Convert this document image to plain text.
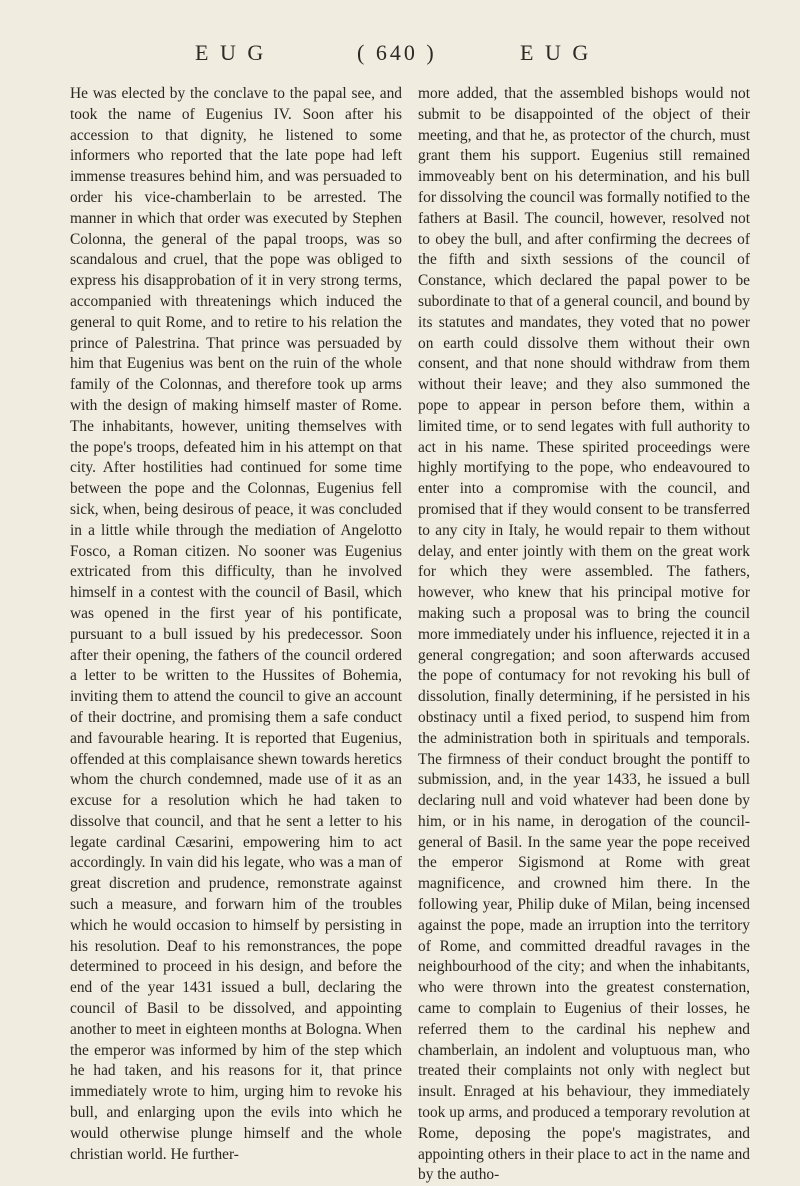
E U G	( 640 )	E U G

He was elected by the conclave to the papal see, and took the name of Eugenius IV. Soon after his accession to that dignity, he listened to some informers who reported that the late pope had left immense treasures behind him, and was persuaded to order his vice-chamberlain to be arrested. The manner in which that order was executed by Stephen Colonna, the general of the papal troops, was so scandalous and cruel, that the pope was obliged to express his disapprobation of it in very strong terms, accompanied with threatenings which induced the general to quit Rome, and to retire to his relation the prince of Palestrina. That prince was persuaded by him that Eugenius was bent on the ruin of the whole family of the Colonnas, and therefore took up arms with the design of making himself master of Rome. The inhabitants, however, uniting themselves with the pope's troops, defeated him in his attempt on that city. After hostilities had continued for some time between the pope and the Colonnas, Eugenius fell sick, when, being desirous of peace, it was concluded in a little while through the mediation of Angelotto Fosco, a Roman citizen. No sooner was Eugenius extricated from this difficulty, than he involved himself in a contest with the council of Basil, which was opened in the first year of his pontificate, pursuant to a bull issued by his predecessor. Soon after their opening, the fathers of the council ordered a letter to be written to the Hussites of Bohemia, inviting them to attend the council to give an account of their doctrine, and promising them a safe conduct and favourable hearing. It is reported that Eugenius, offended at this complaisance shewn towards heretics whom the church condemned, made use of it as an excuse for a resolution which he had taken to dissolve that council, and that he sent a letter to his legate cardinal Cæsarini, empowering him to act accordingly. In vain did his legate, who was a man of great discretion and prudence, remonstrate against such a measure, and forwarn him of the troubles which he would occasion to himself by persisting in his resolution. Deaf to his remonstrances, the pope determined to proceed in his design, and before the end of the year 1431 issued a bull, declaring the council of Basil to be dissolved, and appointing another to meet in eighteen months at Bologna. When the emperor was informed by him of the step which he had taken, and his reasons for it, that prince immediately wrote to him, urging him to revoke his bull, and enlarging upon the evils into which he would otherwise plunge himself and the whole christian world. He further-

more added, that the assembled bishops would not submit to be disappointed of the object of their meeting, and that he, as protector of the church, must grant them his support. Eugenius still remained immoveably bent on his determination, and his bull for dissolving the council was formally notified to the fathers at Basil. The council, however, resolved not to obey the bull, and after confirming the decrees of the fifth and sixth sessions of the council of Constance, which declared the papal power to be subordinate to that of a general council, and bound by its statutes and mandates, they voted that no power on earth could dissolve them without their own consent, and that none should withdraw from them without their leave; and they also summoned the pope to appear in person before them, within a limited time, or to send legates with full authority to act in his name. These spirited proceedings were highly mortifying to the pope, who endeavoured to enter into a compromise with the council, and promised that if they would consent to be transferred to any city in Italy, he would repair to them without delay, and enter jointly with them on the great work for which they were assembled. The fathers, however, who knew that his principal motive for making such a proposal was to bring the council more immediately under his influence, rejected it in a general congregation; and soon afterwards accused the pope of contumacy for not revoking his bull of dissolution, finally determining, if he persisted in his obstinacy until a fixed period, to suspend him from the administration both in spirituals and temporals. The firmness of their conduct brought the pontiff to submission, and, in the year 1433, he issued a bull declaring null and void whatever had been done by him, or in his name, in derogation of the council-general of Basil. In the same year the pope received the emperor Sigismond at Rome with great magnificence, and crowned him there. In the following year, Philip duke of Milan, being incensed against the pope, made an irruption into the territory of Rome, and committed dreadful ravages in the neighbourhood of the city; and when the inhabitants, who were thrown into the greatest consternation, came to complain to Eugenius of their losses, he referred them to the cardinal his nephew and chamberlain, an indolent and voluptuous man, who treated their complaints not only with neglect but insult. Enraged at his behaviour, they immediately took up arms, and produced a temporary revolution at Rome, deposing the pope's magistrates, and appointing others in their place to act in the name and by the autho-
